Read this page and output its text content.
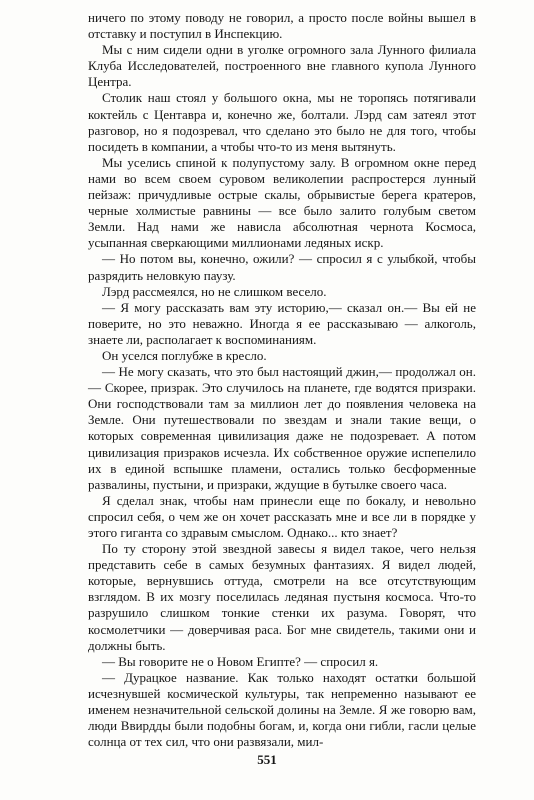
ничего по этому поводу не говорил, а просто после войны вышел в отставку и поступил в Инспекцию.

Мы с ним сидели одни в уголке огромного зала Лунного филиала Клуба Исследователей, построенного вне главного купола Лунного Центра.

Столик наш стоял у большого окна, мы не торопясь потягивали коктейль с Центавра и, конечно же, болтали. Лэрд сам затеял этот разговор, но я подозревал, что сделано это было не для того, чтобы посидеть в компании, а чтобы что-то из меня вытянуть.

Мы уселись спиной к полупустому залу. В огромном окне перед нами во всем своем суровом великолепии распростерся лунный пейзаж: причудливые острые скалы, обрывистые берега кратеров, черные холмистые равнины — все было залито голубым светом Земли. Над нами же нависла абсолютная чернота Космоса, усыпанная сверкающими миллионами ледяных искр.

— Но потом вы, конечно, ожили? — спросил я с улыбкой, чтобы разрядить неловкую паузу.

Лэрд рассмеялся, но не слишком весело.

— Я могу рассказать вам эту историю,— сказал он.— Вы ей не поверите, но это неважно. Иногда я ее рассказываю — алкоголь, знаете ли, располагает к воспоминаниям.

Он уселся поглубже в кресло.

— Не могу сказать, что это был настоящий джин,— продолжал он.— Скорее, призрак. Это случилось на планете, где водятся призраки. Они господствовали там за миллион лет до появления человека на Земле. Они путешествовали по звездам и знали такие вещи, о которых современная цивилизация даже не подозревает. А потом цивилизация призраков исчезла. Их собственное оружие испепелило их в единой вспышке пламени, остались только бесформенные развалины, пустыни, и призраки, ждущие в бутылке своего часа.

Я сделал знак, чтобы нам принесли еще по бокалу, и невольно спросил себя, о чем же он хочет рассказать мне и все ли в порядке у этого гиганта со здравым смыслом. Однако... кто знает?

По ту сторону этой звездной завесы я видел такое, чего нельзя представить себе в самых безумных фантазиях. Я видел людей, которые, вернувшись оттуда, смотрели на все отсутствующим взглядом. В их мозгу поселилась ледяная пустыня космоса. Что-то разрушило слишком тонкие стенки их разума. Говорят, что космолетчики — доверчивая раса. Бог мне свидетель, такими они и должны быть.

— Вы говорите не о Новом Египте? — спросил я.

— Дурацкое название. Как только находят остатки большой исчезнувшей космической культуры, так непременно называют ее именем незначительной сельской долины на Земле. Я же говорю вам, люди Ввирдды были подобны богам, и, когда они гибли, гасли целые солнца от тех сил, что они развязали, мил-

551
